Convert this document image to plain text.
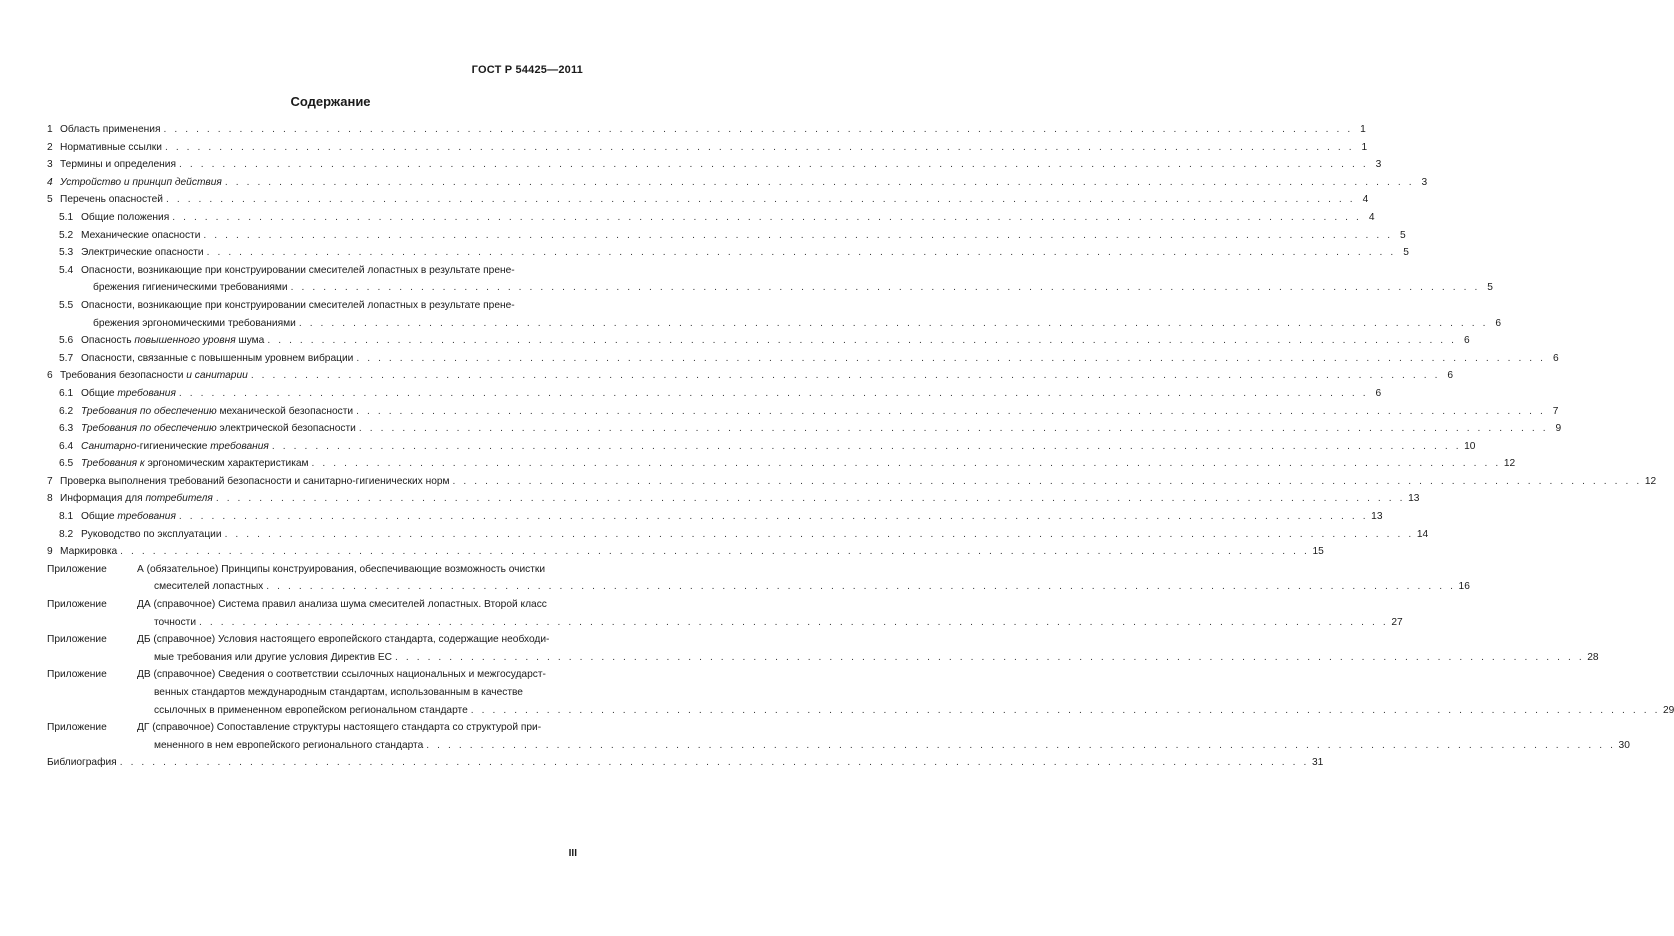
ГОСТ Р 54425—2011
Содержание
1 Область применения . . .	1
2 Нормативные ссылки . . .	1
3 Термины и определения . . .	3
4 Устройство и принцип действия . . .	3
5 Перечень опасностей . . .	4
5.1 Общие положения . . .	4
5.2 Механические опасности . . .	5
5.3 Электрические опасности . . .	5
5.4 Опасности, возникающие при конструировании смесителей лопастных в результате прене-
брежения гигиеническими требованиями . . .	5
5.5 Опасности, возникающие при конструировании смесителей лопастных в результате прене-
брежения эргономическими требованиями . . .	6
5.6 Опасность повышенного уровня шума . . .	6
5.7 Опасности, связанные с повышенным уровнем вибрации . . .	6
6 Требования безопасности и санитарии . . .	6
6.1 Общие требования . . .	6
6.2 Требования по обеспечению механической безопасности . . .	7
6.3 Требования по обеспечению электрической безопасности . . .	9
6.4 Санитарно-гигиенические требования . . .	10
6.5 Требования к эргономическим характеристикам . . .	12
7 Проверка выполнения требований безопасности и санитарно-гигиенических норм . . .	12
8 Информация для потребителя . . .	13
8.1 Общие требования . . .	13
8.2 Руководство по эксплуатации . . .	14
9 Маркировка . . .	15
Приложение	А (обязательное) Принципы конструирования, обеспечивающие возможность очистки
смесителей лопастных . . .	16
Приложение	ДА (справочное) Система правил анализа шума смесителей лопастных. Второй класс
точности . . .	27
Приложение	ДБ (справочное) Условия настоящего европейского стандарта, содержащие необходи-
мые требования или другие условия Директив ЕС . . .	28
Приложение	ДВ (справочное) Сведения о соответствии ссылочных национальных и межгосударст-
венных стандартов международным стандартам, использованным в качестве
ссылочных в примененном европейском региональном стандарте . . .	29
Приложение	ДГ (справочное) Сопоставление структуры настоящего стандарта со структурой при-
мененного в нем европейского регионального стандарта . . .	30
Библиография . . .	31
III
